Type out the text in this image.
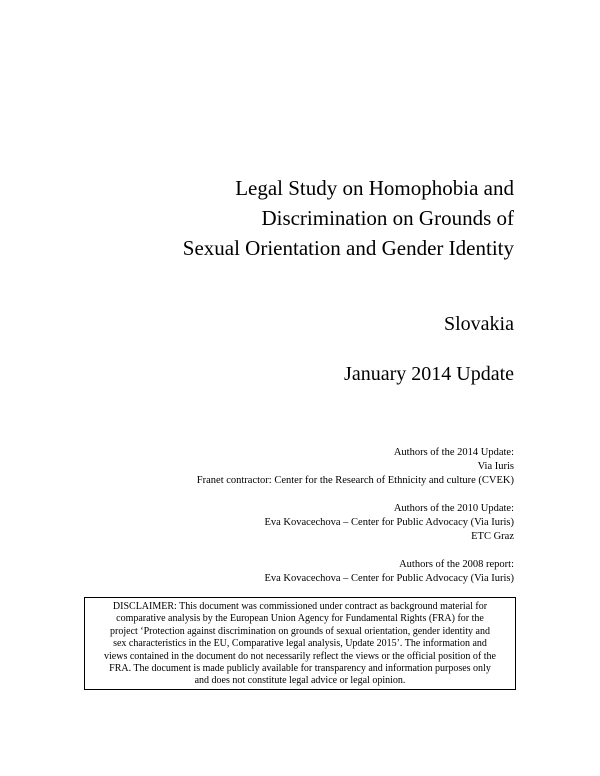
Legal Study on Homophobia and
Discrimination on Grounds of
Sexual Orientation and Gender Identity
Slovakia
January 2014 Update
Authors of the 2014 Update:
Via Iuris
Franet contractor: Center for the Research of Ethnicity and culture (CVEK)
Authors of the 2010 Update:
Eva Kovacechova – Center for Public Advocacy (Via Iuris)
ETC Graz
Authors of the 2008 report:
Eva Kovacechova – Center for Public Advocacy (Via Iuris)
DISCLAIMER: This document was commissioned under contract as background material for
comparative analysis by the European Union Agency for Fundamental Rights (FRA) for the
project ‘Protection against discrimination on grounds of sexual orientation, gender identity and
sex characteristics in the EU, Comparative legal analysis, Update 2015’. The information and
views contained in the document do not necessarily reflect the views or the official position of the
FRA. The document is made publicly available for transparency and information purposes only
and does not constitute legal advice or legal opinion.
